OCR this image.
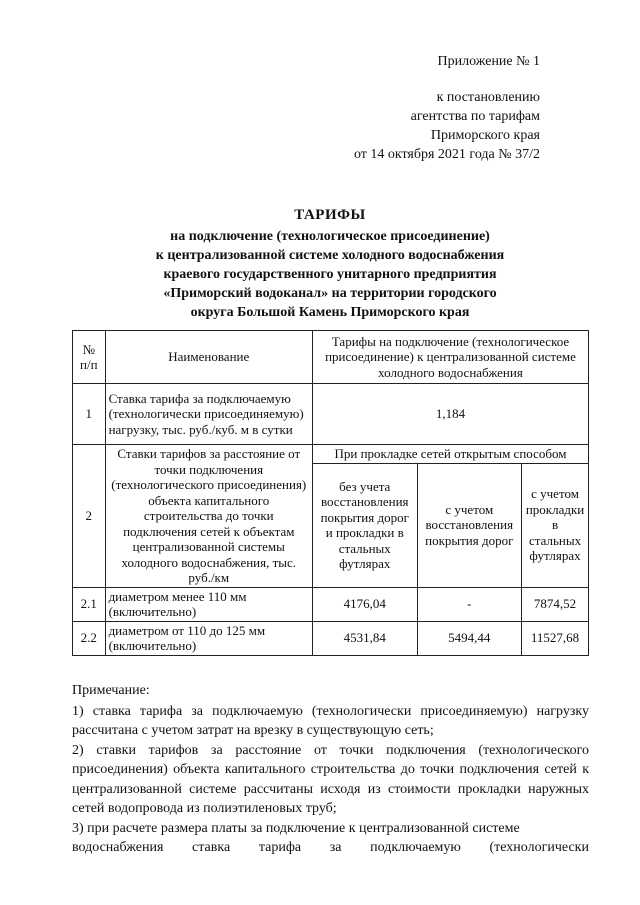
Приложение № 1
к постановлению
агентства по тарифам
Приморского края
от 14 октября 2021 года № 37/2
ТАРИФЫ
на подключение (технологическое присоединение)
к централизованной системе холодного водоснабжения
краевого государственного унитарного предприятия
«Приморский водоканал» на территории городского
округа Большой Камень Приморского края
№
п/п	Наименование	Тарифы на подключение (технологическое присоединение) к централизованной системе холодного водоснабжения		
1	Ставка тарифа за подключаемую (технологически присоединяемую) нагрузку, тыс. руб./куб. м в сутки	1,184		
2	Ставки тарифов за расстояние от точки подключения (технологического присоединения) объекта капитального строительства до точки подключения сетей к объектам централизованной системы холодного водоснабжения, тыс. руб./км	При прокладке сетей открытым способом		
		без учета восстановления покрытия дорог и прокладки в стальных футлярах	с учетом восстановления покрытия дорог	с учетом прокладки в стальных футлярах
2.1	диаметром менее 110 мм (включительно)	4176,04	-	7874,52
2.2	диаметром от 110 до 125 мм (включительно)	4531,84	5494,44	11527,68

Примечание:

1) ставка тарифа за подключаемую (технологически присоединяемую) нагрузку рассчитана с учетом затрат на врезку в существующую сеть;

2) ставки тарифов за расстояние от точки подключения (технологического присоединения) объекта капитального строительства до точки подключения сетей к централизованной системе рассчитаны исходя из стоимости прокладки наружных сетей водопровода из полиэтиленовых труб;

3) при расчете размера платы за подключение к централизованной системе

водоснабжения ставка тарифа за подключаемую (технологически
